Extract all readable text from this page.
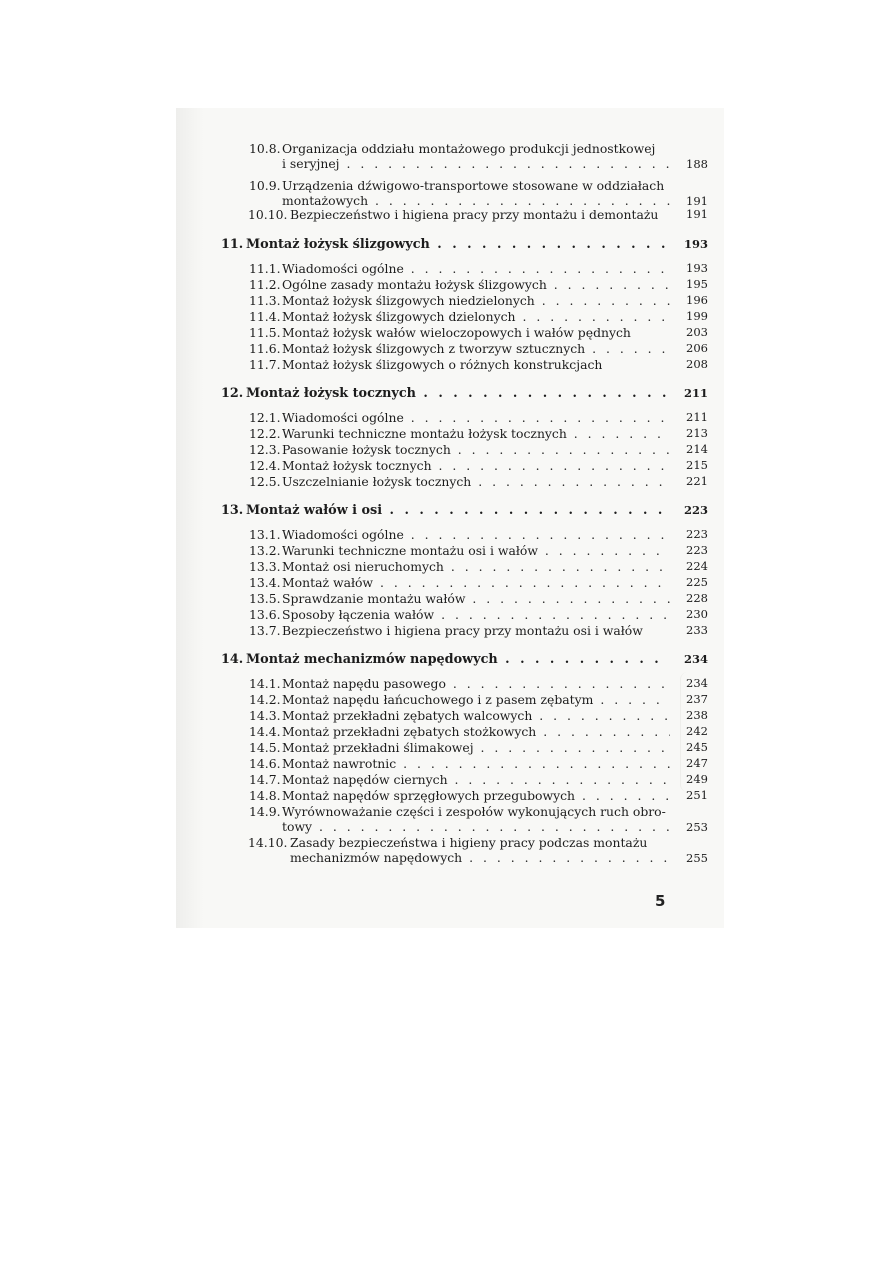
10.8. Organizacja oddziału montażowego produkcji jednostkowej
i seryjnej . . .	188
10.9. Urządzenia dźwigowo-transportowe stosowane w oddziałach
montażowych . . .	191
10.10. Bezpieczeństwo i higiena pracy przy montażu i demontażu	191
11. Montaż łożysk ślizgowych . . .	193
11.1. Wiadomości ogólne . . .	193
11.2. Ogólne zasady montażu łożysk ślizgowych . . .	195
11.3. Montaż łożysk ślizgowych niedzielonych . . .	196
11.4. Montaż łożysk ślizgowych dzielonych . . .	199
11.5. Montaż łożysk wałów wieloczopowych i wałów pędnych	203
11.6. Montaż łożysk ślizgowych z tworzyw sztucznych . . .	206
11.7. Montaż łożysk ślizgowych o różnych konstrukcjach	208
12. Montaż łożysk tocznych . . .	211
12.1. Wiadomości ogólne . . .	211
12.2. Warunki techniczne montażu łożysk tocznych . . .	213
12.3. Pasowanie łożysk tocznych . . .	214
12.4. Montaż łożysk tocznych . . .	215
12.5. Uszczelnianie łożysk tocznych . . .	221
13. Montaż wałów i osi . . .	223
13.1. Wiadomości ogólne . . .	223
13.2. Warunki techniczne montażu osi i wałów . . .	223
13.3. Montaż osi nieruchomych . . .	224
13.4. Montaż wałów . . .	225
13.5. Sprawdzanie montażu wałów . . .	228
13.6. Sposoby łączenia wałów . . .	230
13.7. Bezpieczeństwo i higiena pracy przy montażu osi i wałów	233
14. Montaż mechanizmów napędowych . . .	234
14.1. Montaż napędu pasowego . . .	234
14.2. Montaż napędu łańcuchowego i z pasem zębatym . . .	237
14.3. Montaż przekładni zębatych walcowych . . .	238
14.4. Montaż przekładni zębatych stożkowych . . .	242
14.5. Montaż przekładni ślimakowej . . .	245
14.6. Montaż nawrotnic . . .	247
14.7. Montaż napędów ciernych . . .	249
14.8. Montaż napędów sprzęgłowych przegubowych . . .	251
14.9. Wyrównoważanie części i zespołów wykonujących ruch obro-
towy . . .	253
14.10. Zasady bezpieczeństwa i higieny pracy podczas montażu
mechanizmów napędowych . . .	255
5
